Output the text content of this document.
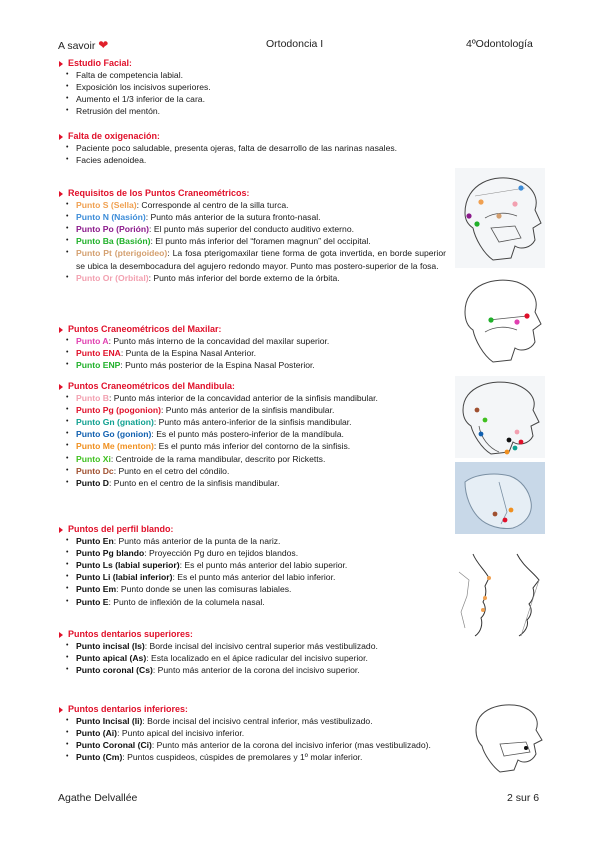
A savoir ❤	Ortodoncia I	4ºOdontología
Estudio Facial:
• Falta de competencia labial.
• Exposición los incisivos superiores.
• Aumento el 1/3 inferior de la cara.
• Retrusión del mentón.
Falta de oxigenación:
• Paciente poco saludable, presenta ojeras, falta de desarrollo de las narinas nasales.
• Facies adenoidea.
Requisitos de los Puntos Craneométricos:
• Punto S (Sella): Corresponde al centro de la silla turca.
• Punto N (Nasión): Punto más anterior de la sutura fronto-nasal.
• Punto Po (Porión): El punto más superior del conducto auditivo externo.
• Punto Ba (Basión): El punto más inferior del “foramen magnun” del occipital.
• Punto Pt (pterigoideo): La fosa pterigomaxilar tiene forma de gota invertida, en borde superior se ubica la desembocadura del agujero redondo mayor. Punto mas postero-superior de la fosa.
• Punto Or (Orbital): Punto más inferior del borde externo de la órbita.
Puntos Craneométricos del Maxilar:
• Punto A: Punto más interno de la concavidad del maxilar superior.
• Punto ENA: Punta de la Espina Nasal Anterior.
• Punto ENP: Punto más posterior de la Espina Nasal Posterior.
Puntos Craneométricos del Mandibula:
• Punto B: Punto más interior de la concavidad anterior de la sinfisis mandibular.
• Punto Pg (pogonion): Punto más anterior de la sinfisis mandibular.
• Punto Gn (gnation): Punto más antero-inferior de la sinfisis mandibular.
• Punto Go (gonion): Es el punto más postero-inferior de la mandíbula.
• Punto Me (menton): Es el punto más inferior del contorno de la sinfisis.
• Punto Xi: Centroide de la rama mandibular, descrito por Ricketts.
• Punto Dc: Punto en el cetro del cóndilo.
• Punto D: Punto en el centro de la sinfisis mandibular.
Puntos del perfil blando:
• Punto En: Punto más anterior de la punta de la nariz.
• Punto Pg blando: Proyección Pg duro en tejidos blandos.
• Punto Ls (labial superior): Es el punto más anterior del labio superior.
• Punto Li (labial inferior): Es el punto más anterior del labio inferior.
• Punto Em: Punto donde se unen las comisuras labiales.
• Punto E: Punto de inflexión de la columela nasal.
Puntos dentarios superiores:
• Punto incisal (Is): Borde incisal del incisivo central superior más vestibulizado.
• Punto apical (As): Esta localizado en el ápice radicular del incisivo superior.
• Punto coronal (Cs): Punto más anterior de la corona del incisivo superior.
Puntos dentarios inferiores:
• Punto Incisal (Ii): Borde incisal del incisivo central inferior, más vestibulizado.
• Punto (Ai): Punto apical del incisivo inferior.
• Punto Coronal (Ci): Punto más anterior de la corona del incisivo inferior (mas vestibulizado).
• Punto (Cm): Puntos cuspideos, cúspides de premolares y 1º molar inferior.
Agathe Delvallée	2 sur 6
